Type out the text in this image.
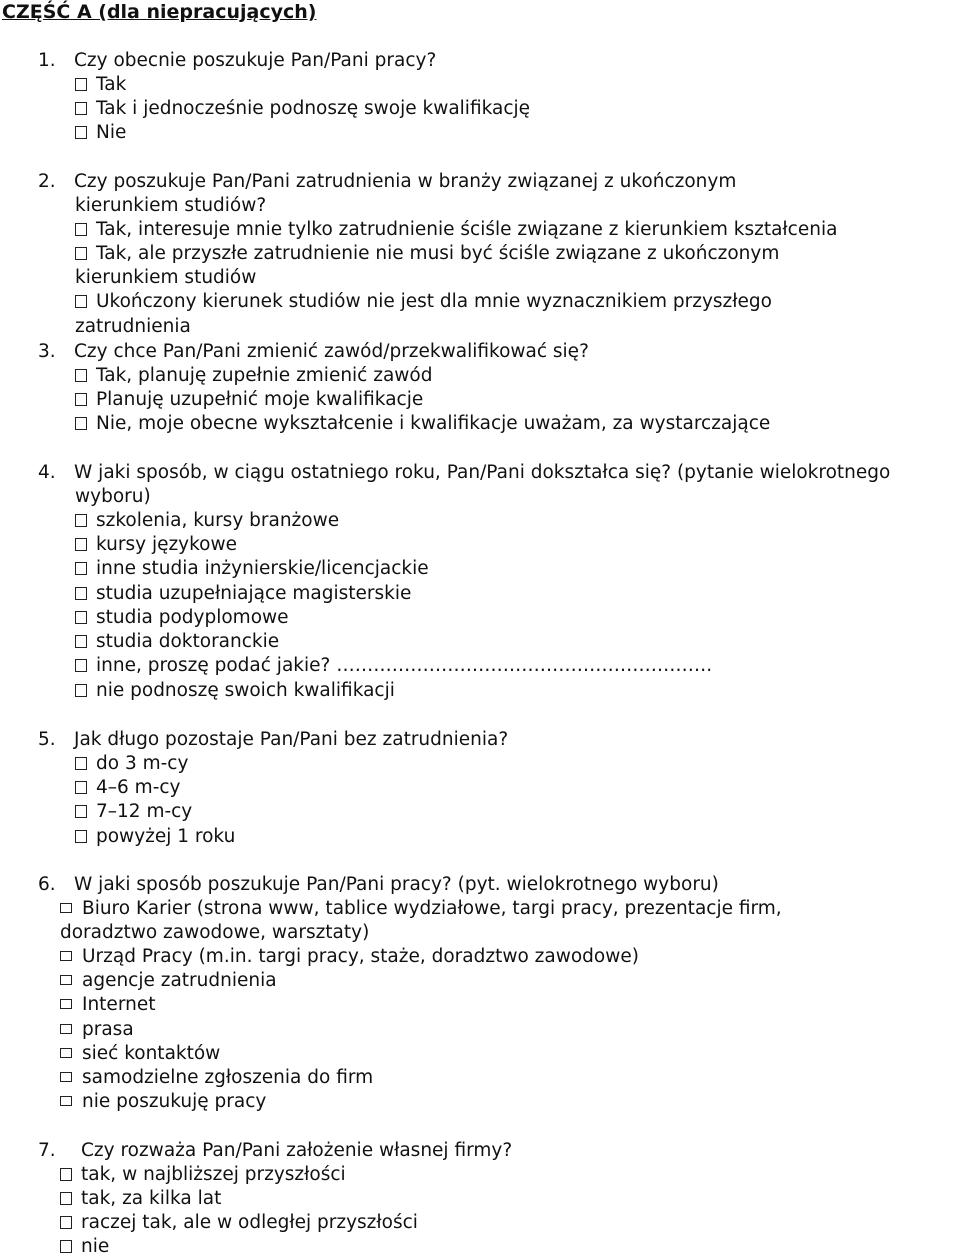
CZĘŚĆ A (dla niepracujących)
1. Czy obecnie poszukuje Pan/Pani pracy?
Tak
Tak i jednocześnie podnoszę swoje kwalifikację
Nie
2. Czy poszukuje Pan/Pani zatrudnienia w branży związanej z ukończonym
kierunkiem studiów?
Tak, interesuje mnie tylko zatrudnienie ściśle związane z kierunkiem kształcenia
Tak, ale przyszłe zatrudnienie nie musi być ściśle związane z ukończonym
kierunkiem studiów
Ukończony kierunek studiów nie jest dla mnie wyznacznikiem przyszłego
zatrudnienia
3. Czy chce Pan/Pani zmienić zawód/przekwalifikować się?
Tak, planuję zupełnie zmienić zawód
Planuję uzupełnić moje kwalifikacje
Nie, moje obecne wykształcenie i kwalifikacje uważam, za wystarczające
4. W jaki sposób, w ciągu ostatniego roku, Pan/Pani dokształca się? (pytanie wielokrotnego
wyboru)
szkolenia, kursy branżowe
kursy językowe
inne studia inżynierskie/licencjackie
studia uzupełniające magisterskie
studia podyplomowe
studia doktoranckie
inne, proszę podać jakie? …………………………………………………….
nie podnoszę swoich kwalifikacji
5. Jak długo pozostaje Pan/Pani bez zatrudnienia?
do 3 m-cy
4–6 m-cy
7–12 m-cy
powyżej 1 roku
6. W jaki sposób poszukuje Pan/Pani pracy? (pyt. wielokrotnego wyboru)
Biuro Karier (strona www, tablice wydziałowe, targi pracy, prezentacje firm,
doradztwo zawodowe, warsztaty)
Urząd Pracy (m.in. targi pracy, staże, doradztwo zawodowe)
agencje zatrudnienia
Internet
prasa
sieć kontaktów
samodzielne zgłoszenia do firm
nie poszukuję pracy
7. Czy rozważa Pan/Pani założenie własnej firmy?
tak, w najbliższej przyszłości
tak, za kilka lat
raczej tak, ale w odległej przyszłości
nie
